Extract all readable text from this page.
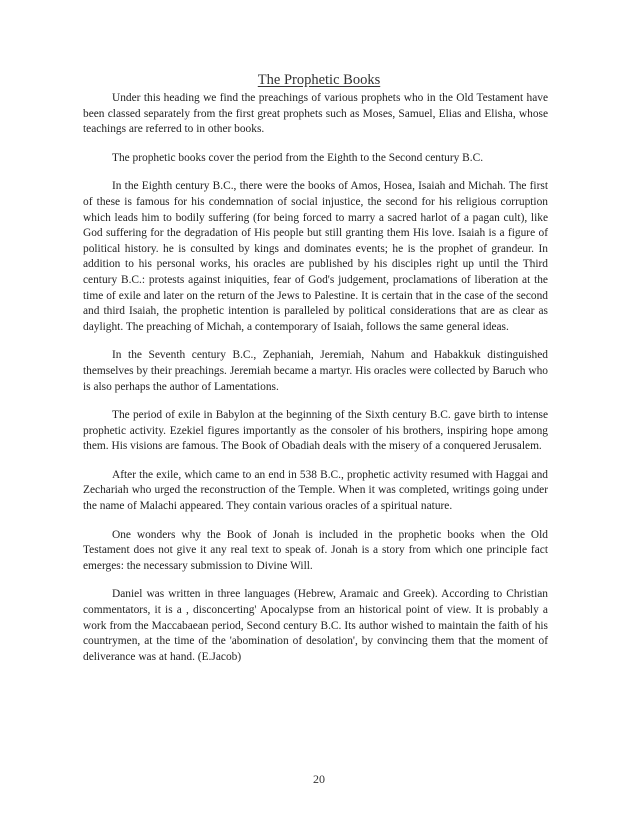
The Prophetic Books

Under this heading we find the preachings of various prophets who in the Old Testament have been classed separately from the first great prophets such as Moses, Samuel, Elias and Elisha, whose teachings are referred to in other books.

The prophetic books cover the period from the Eighth to the Second century B.C.

In the Eighth century B.C., there were the books of Amos, Hosea, Isaiah and Michah. The first of these is famous for his condemnation of social injustice, the second for his religious corruption which leads him to bodily suffering (for being forced to marry a sacred harlot of a pagan cult), like God suffering for the degradation of His people but still granting them His love. Isaiah is a figure of political history. he is consulted by kings and dominates events; he is the prophet of grandeur. In addition to his personal works, his oracles are published by his disciples right up until the Third century B.C.: protests against iniquities, fear of God's judgement, proclamations of liberation at the time of exile and later on the return of the Jews to Palestine. It is certain that in the case of the second and third Isaiah, the prophetic intention is paralleled by political considerations that are as clear as daylight. The preaching of Michah, a contemporary of Isaiah, follows the same general ideas.

In the Seventh century B.C., Zephaniah, Jeremiah, Nahum and Habakkuk distinguished themselves by their preachings. Jeremiah became a martyr. His oracles were collected by Baruch who is also perhaps the author of Lamentations.

The period of exile in Babylon at the beginning of the Sixth century B.C. gave birth to intense prophetic activity. Ezekiel figures importantly as the consoler of his brothers, inspiring hope among them. His visions are famous. The Book of Obadiah deals with the misery of a conquered Jerusalem.

After the exile, which came to an end in 538 B.C., prophetic activity resumed with Haggai and Zechariah who urged the reconstruction of the Temple. When it was completed, writings going under the name of Malachi appeared. They contain various oracles of a spiritual nature.

One wonders why the Book of Jonah is included in the prophetic books when the Old Testament does not give it any real text to speak of. Jonah is a story from which one principle fact emerges: the necessary submission to Divine Will.

Daniel was written in three languages (Hebrew, Aramaic and Greek). According to Christian commentators, it is a , disconcerting' Apocalypse from an historical point of view. It is probably a work from the Maccabaean period, Second century B.C. Its author wished to maintain the faith of his countrymen, at the time of the 'abomination of desolation', by convincing them that the moment of deliverance was at hand. (E.Jacob)

20
